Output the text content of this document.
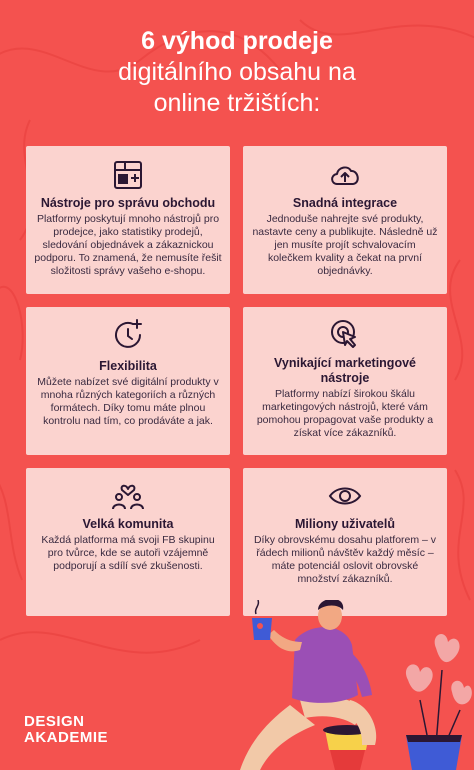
6 výhod prodeje
digitálního obsahu na
online tržištích:
Nástroje pro správu obchodu
Platformy poskytují mnoho nástrojů pro prodejce, jako statistiky prodejů, sledování objednávek a zákaznickou podporu. To znamená, že nemusíte řešit složitosti správy vašeho e-shopu.
Snadná integrace
Jednoduše nahrejte své produkty, nastavte ceny a publikujte. Následně už jen musíte projít schvalovacím kolečkem kvality a čekat na první objednávky.
Flexibilita
Můžete nabízet své digitální produkty v mnoha různých kategoriích a různých formátech. Díky tomu máte plnou kontrolu nad tím, co prodáváte a jak.
Vynikající marketingové nástroje
Platformy nabízí širokou škálu marketingových nástrojů, které vám pomohou propagovat vaše produkty a získat více zákazníků.
Velká komunita
Každá platforma má svoji FB skupinu pro tvůrce, kde se autoři vzájemně podporují a sdílí své zkušenosti.
Miliony uživatelů
Díky obrovskému dosahu platforem – v řádech milionů návštěv každý měsíc – máte potenciál oslovit obrovské množství zákazníků.
DESIGN
AKADEMIE
